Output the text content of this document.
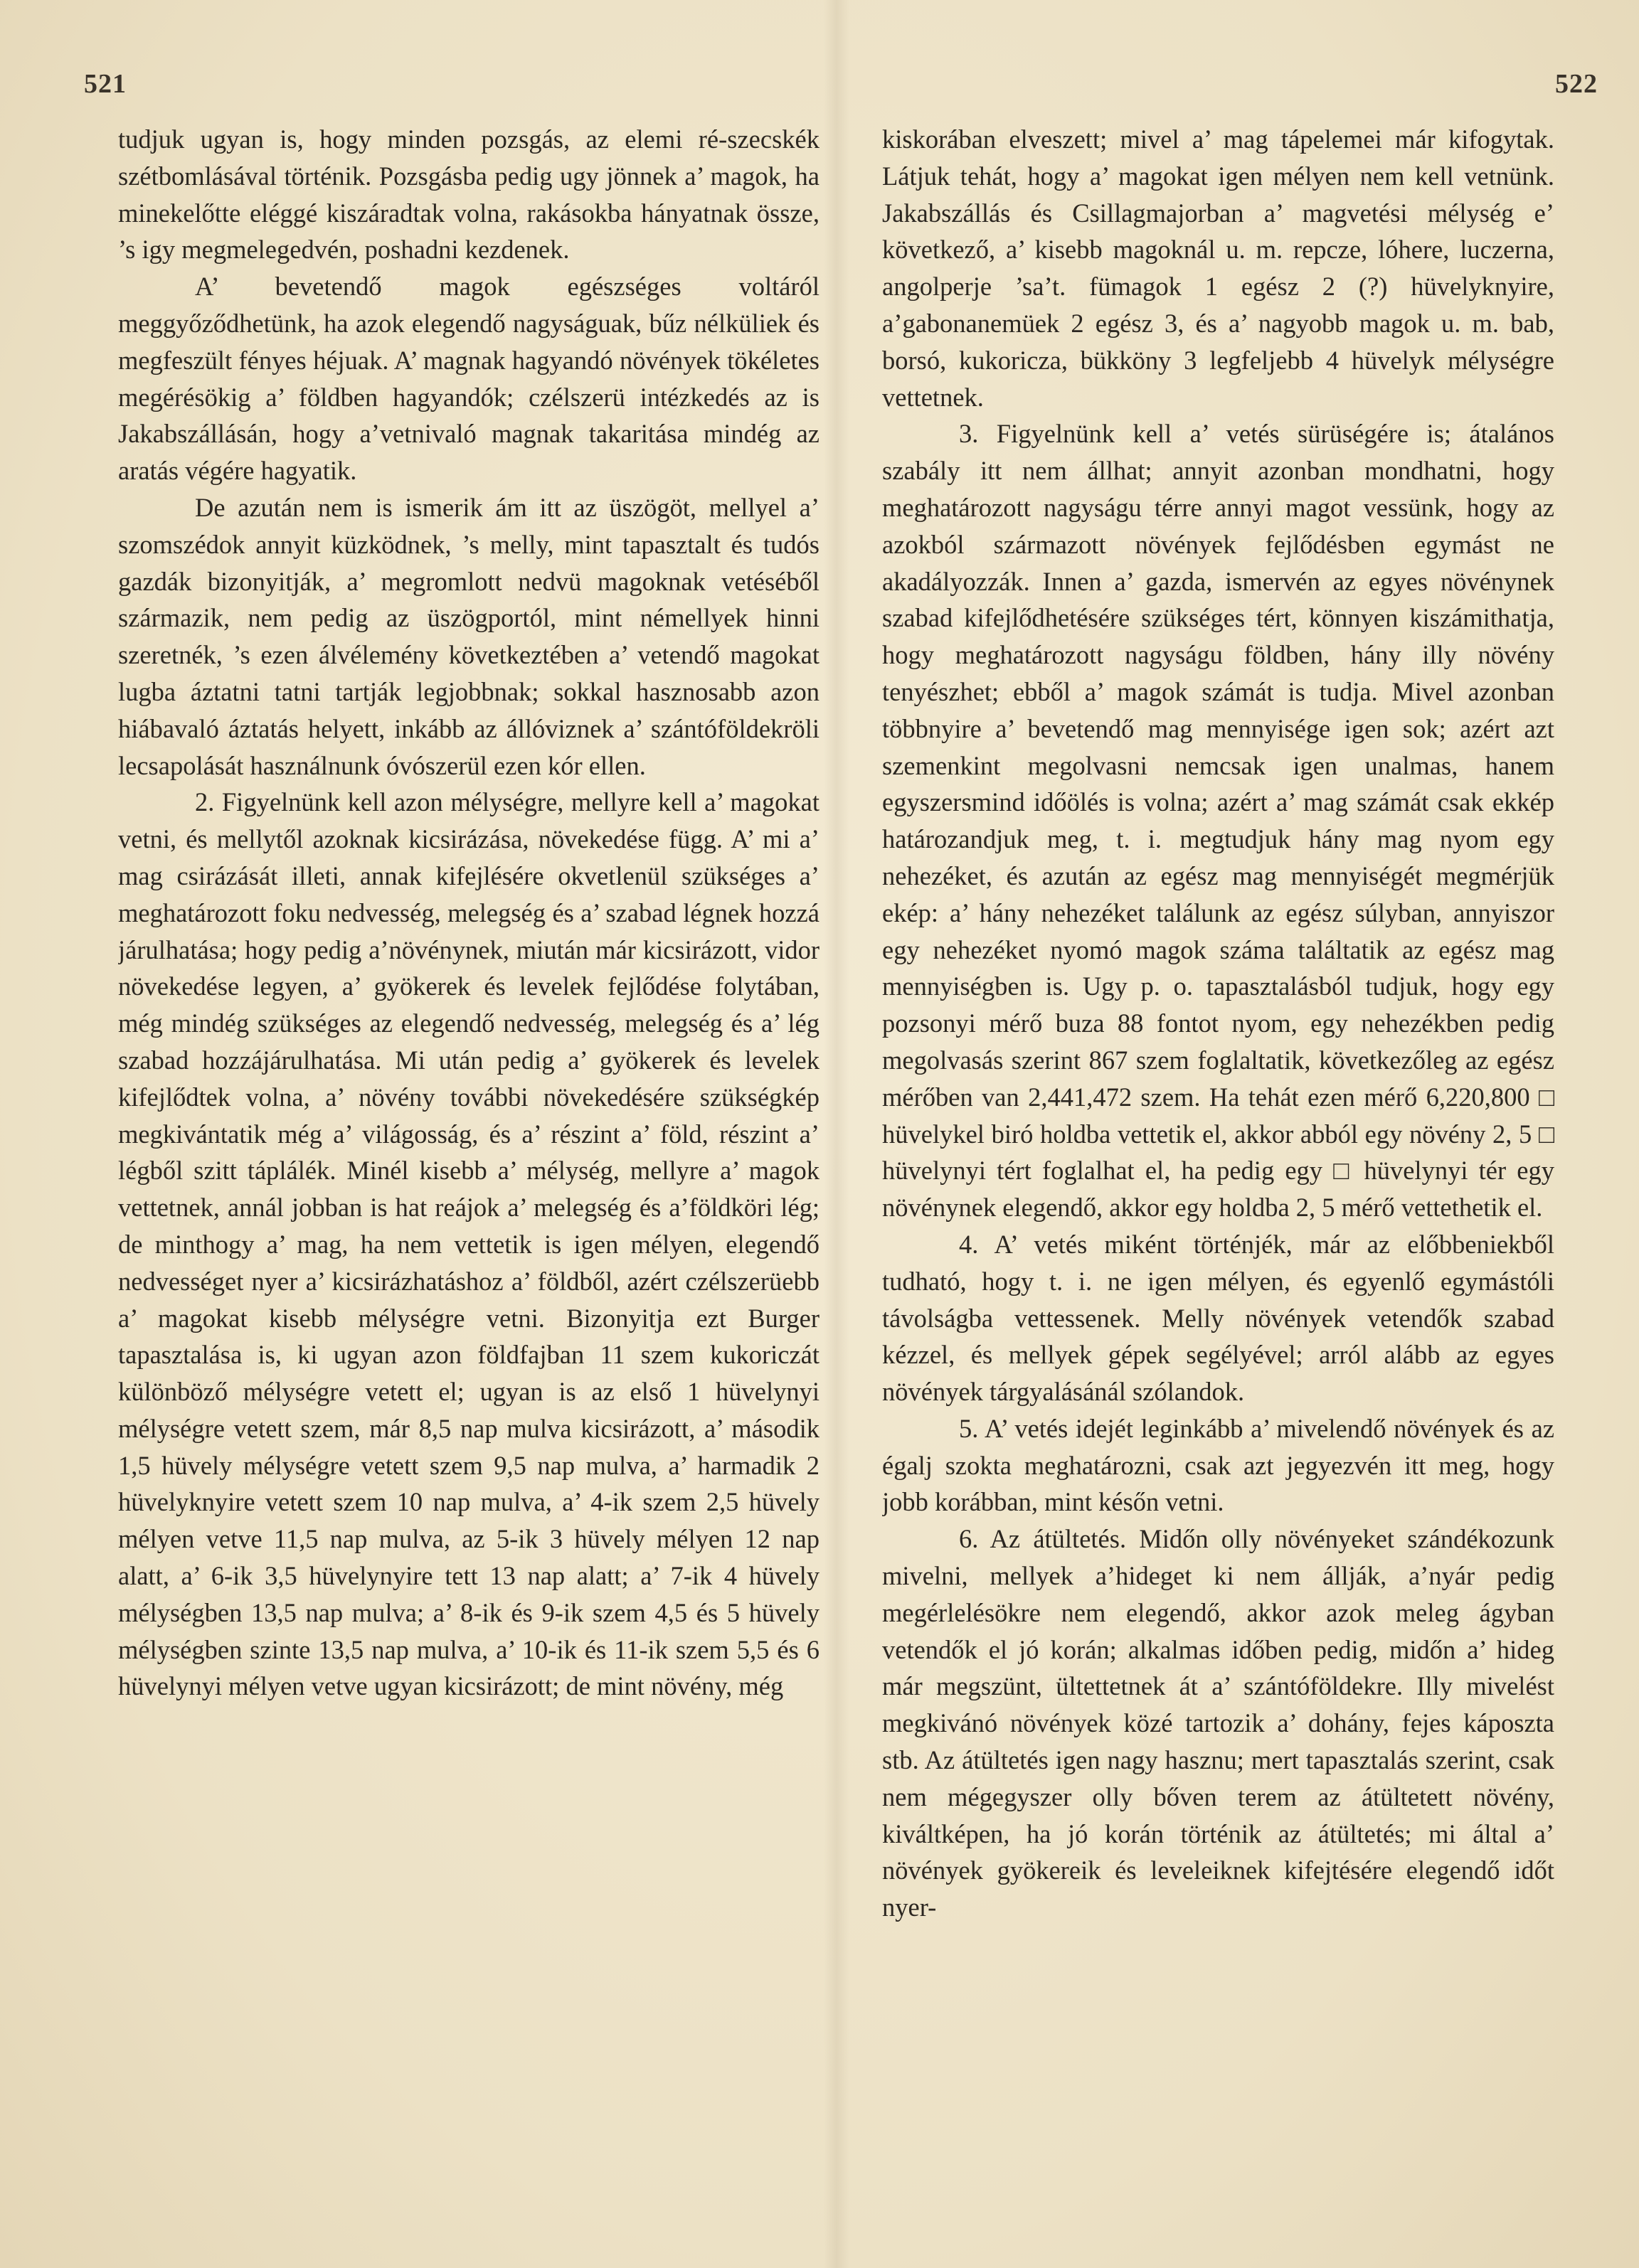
521	522

tudjuk ugyan is, hogy minden pozsgás, az elemi ré-szecskék szétbomlásával történik. Pozsgásba pedig ugy jönnek a’ magok, ha minekelőtte eléggé kiszáradtak volna, rakásokba hányatnak össze, ’s igy megmelegedvén, poshadni kezdenek.

A’ bevetendő magok egészséges voltáról meggyőződhetünk, ha azok elegendő nagyságuak, bűz nélküliek és megfeszült fényes héjuak. A’ magnak hagyandó növények tökéletes megérésökig a’ földben hagyandók; czélszerü intézkedés az is Jakabszállásán, hogy a’vetnivaló magnak takaritása mindég az aratás végére hagyatik.

De azután nem is ismerik ám itt az üszögöt, mellyel a’ szomszédok annyit küzködnek, ’s melly, mint tapasztalt és tudós gazdák bizonyitják, a’ megromlott nedvü magoknak vetéséből származik, nem pedig az üszögportól, mint némellyek hinni szeretnék, ’s ezen álvélemény következtében a’ vetendő magokat lugba áztatni tatni tartják legjobbnak; sokkal hasznosabb azon hiábavaló áztatás helyett, inkább az állóviznek a’ szántóföldekröli lecsapolását használnunk óvószerül ezen kór ellen.

2. Figyelnünk kell azon mélységre, mellyre kell a’ magokat vetni, és mellytől azoknak kicsirázása, növekedése függ. A’ mi a’ mag csirázását illeti, annak kifejlésére okvetlenül szükséges a’ meghatározott foku nedvesség, melegség és a’ szabad légnek hozzá járulhatása; hogy pedig a’növénynek, miután már kicsirázott, vidor növekedése legyen, a’ gyökerek és levelek fejlődése folytában, még mindég szükséges az elegendő nedvesség, melegség és a’ lég szabad hozzájárulhatása. Mi után pedig a’ gyökerek és levelek kifejlődtek volna, a’ növény további növekedésére szükségkép megkivántatik még a’ világosság, és a’ részint a’ föld, részint a’ légből szitt táplálék. Minél kisebb a’ mélység, mellyre a’ magok vettetnek, annál jobban is hat reájok a’ melegség és a’földköri lég; de minthogy a’ mag, ha nem vettetik is igen mélyen, elegendő nedvességet nyer a’ kicsirázhatáshoz a’ földből, azért czélszerüebb a’ magokat kisebb mélységre vetni. Bizonyitja ezt Burger tapasztalása is, ki ugyan azon földfajban 11 szem kukoriczát különböző mélységre vetett el; ugyan is az első 1 hüvelynyi mélységre vetett szem, már 8,5 nap mulva kicsirázott, a’ második 1,5 hüvely mélységre vetett szem 9,5 nap mulva, a’ harmadik 2 hüvelyknyire vetett szem 10 nap mulva, a’ 4-ik szem 2,5 hüvely mélyen vetve 11,5 nap mulva, az 5-ik 3 hüvely mélyen 12 nap alatt, a’ 6-ik 3,5 hüvelynyire tett 13 nap alatt; a’ 7-ik 4 hüvely mélységben 13,5 nap mulva; a’ 8-ik és 9-ik szem 4,5 és 5 hüvely mélységben szinte 13,5 nap mulva, a’ 10-ik és 11-ik szem 5,5 és 6 hüvelynyi mélyen vetve ugyan kicsirázott; de mint növény, még

kiskorában elveszett; mivel a’ mag tápelemei már kifogytak. Látjuk tehát, hogy a’ magokat igen mélyen nem kell vetnünk. Jakabszállás és Csillagmajorban a’ magvetési mélység e’ következő, a’ kisebb magoknál u. m. repcze, lóhere, luczerna, angolperje ’sa’t. fümagok 1 egész 2 (?) hüvelyknyire, a’gabonanemüek 2 egész 3, és a’ nagyobb magok u. m. bab, borsó, kukoricza, bükköny 3 legfeljebb 4 hüvelyk mélységre vettetnek.

3. Figyelnünk kell a’ vetés sürüségére is; átalános szabály itt nem állhat; annyit azonban mondhatni, hogy meghatározott nagyságu térre annyi magot vessünk, hogy az azokból származott növények fejlődésben egymást ne akadályozzák. Innen a’ gazda, ismervén az egyes növénynek szabad kifejlődhetésére szükséges tért, könnyen kiszámithatja, hogy meghatározott nagyságu földben, hány illy növény tenyészhet; ebből a’ magok számát is tudja. Mivel azonban többnyire a’ bevetendő mag mennyisége igen sok; azért azt szemenkint megolvasni nemcsak igen unalmas, hanem egyszersmind időölés is volna; azért a’ mag számát csak ekkép határozandjuk meg, t. i. megtudjuk hány mag nyom egy nehezéket, és azután az egész mag mennyiségét megmérjük ekép: a’ hány nehezéket találunk az egész súlyban, annyiszor egy nehezéket nyomó magok száma találtatik az egész mag mennyiségben is. Ugy p. o. tapasztalásból tudjuk, hogy egy pozsonyi mérő buza 88 fontot nyom, egy nehezékben pedig megolvasás szerint 867 szem foglaltatik, következőleg az egész mérőben van 2,441,472 szem. Ha tehát ezen mérő 6,220,800 □ hüvelykel biró holdba vettetik el, akkor abból egy növény 2, 5 □ hüvelynyi tért foglalhat el, ha pedig egy □ hüvelynyi tér egy növénynek elegendő, akkor egy holdba 2, 5 mérő vettethetik el.

4. A’ vetés miként történjék, már az előbbeniekből tudható, hogy t. i. ne igen mélyen, és egyenlő egymástóli távolságba vettessenek. Melly növények vetendők szabad kézzel, és mellyek gépek segélyével; arról alább az egyes növények tárgyalásánál szólandok.

5. A’ vetés idejét leginkább a’ mivelendő növények és az égalj szokta meghatározni, csak azt jegyezvén itt meg, hogy jobb korábban, mint későn vetni.

6. Az átültetés. Midőn olly növényeket szándékozunk mivelni, mellyek a’hideget ki nem állják, a’nyár pedig megérlelésökre nem elegendő, akkor azok meleg ágyban vetendők el jó korán; alkalmas időben pedig, midőn a’ hideg már megszünt, ültettetnek át a’ szántóföldekre. Illy mivelést megkivánó növények közé tartozik a’ dohány, fejes káposzta stb. Az átültetés igen nagy hasznu; mert tapasztalás szerint, csak nem mégegyszer olly bőven terem az átültetett növény, kiváltképen, ha jó korán történik az átültetés; mi által a’ növények gyökereik és leveleiknek kifejtésére elegendő időt nyer-
